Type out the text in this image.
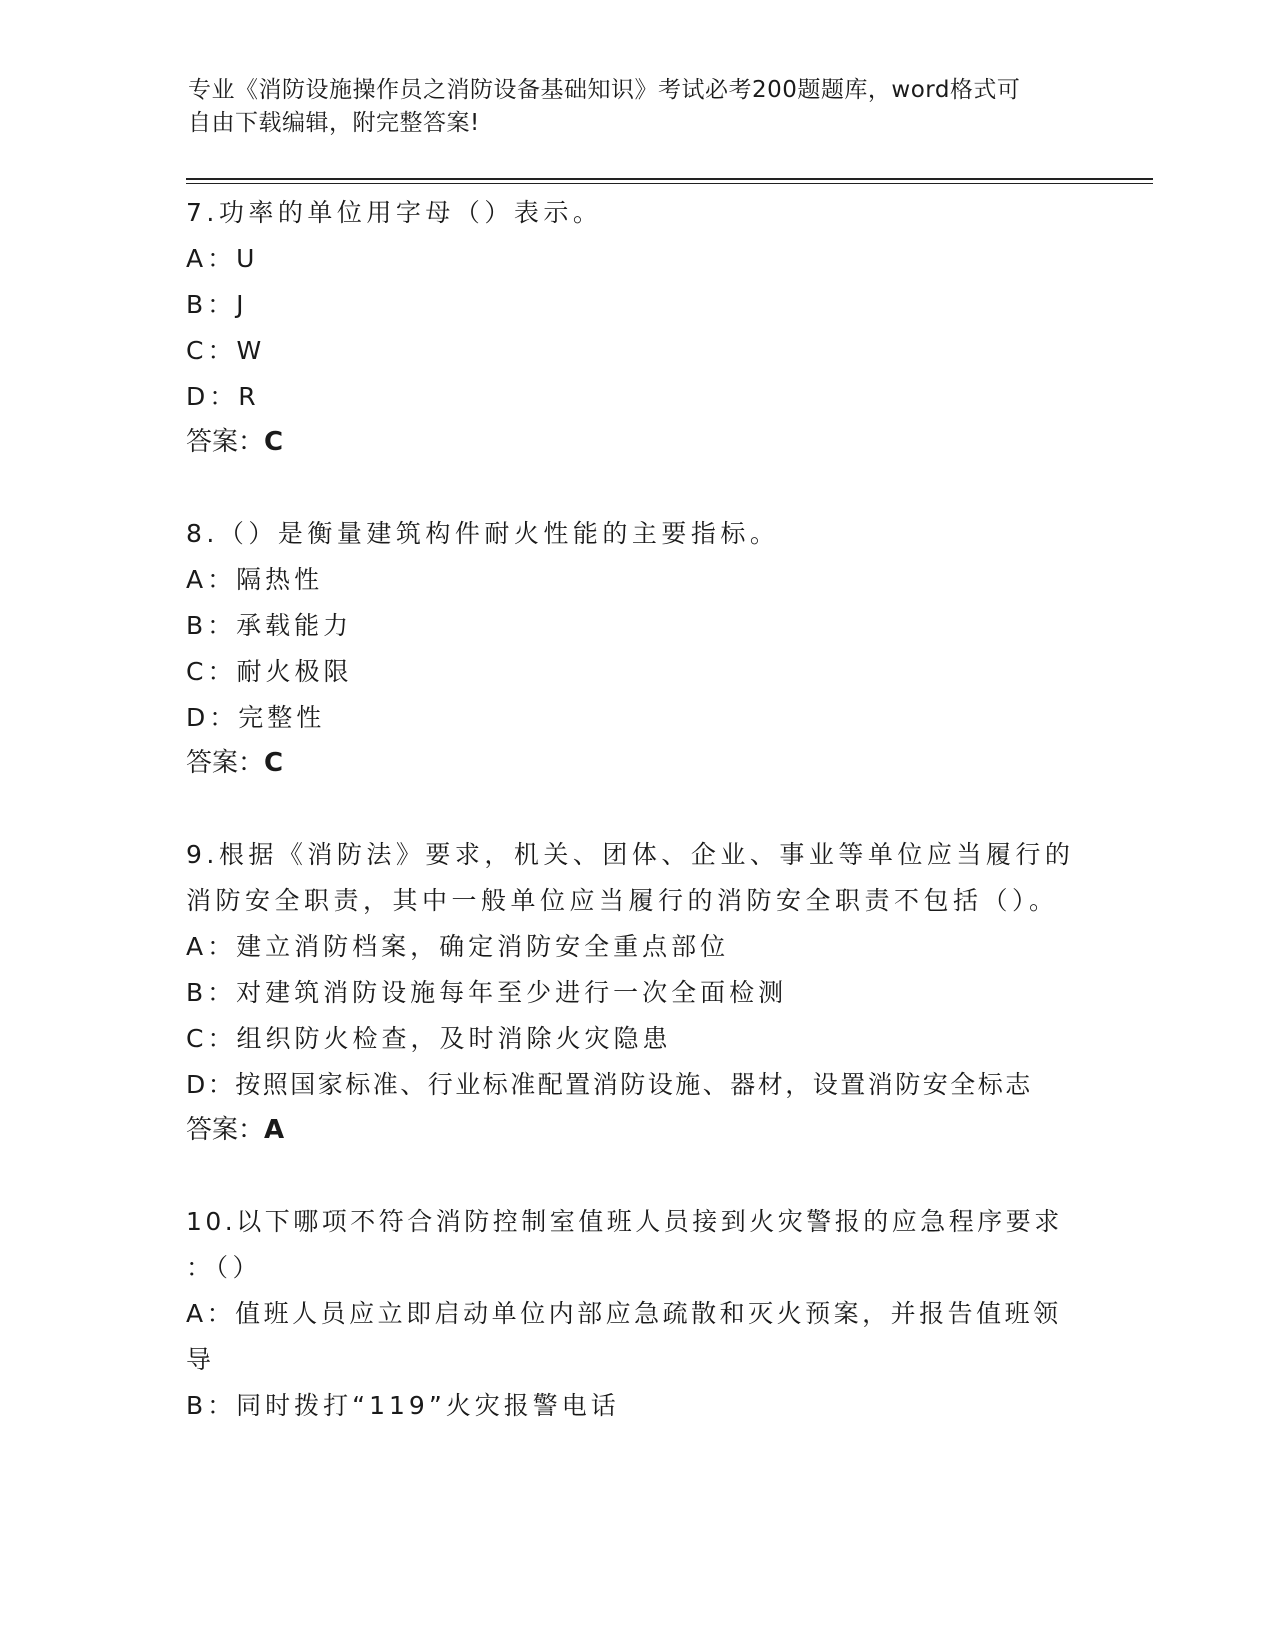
专业《消防设施操作员之消防设备基础知识》考试必考200题题库，word格式可
自由下载编辑，附完整答案!
7.功率的单位用字母（）表示。
A：U
B：J
C：W
D：R
答案：C
8.（）是衡量建筑构件耐火性能的主要指标。
A：隔热性
B：承载能力
C：耐火极限
D：完整性
答案：C
9.根据《消防法》要求，机关、团体、企业、事业等单位应当履行的
消防安全职责，其中一般单位应当履行的消防安全职责不包括（）。
A：建立消防档案，确定消防安全重点部位
B：对建筑消防设施每年至少进行一次全面检测
C：组织防火检查，及时消除火灾隐患
D：按照国家标准、行业标准配置消防设施、器材，设置消防安全标志
答案：A
10.以下哪项不符合消防控制室值班人员接到火灾警报的应急程序要求
：（）
A：值班人员应立即启动单位内部应急疏散和灭火预案，并报告值班领
导
B：同时拨打“119”火灾报警电话
